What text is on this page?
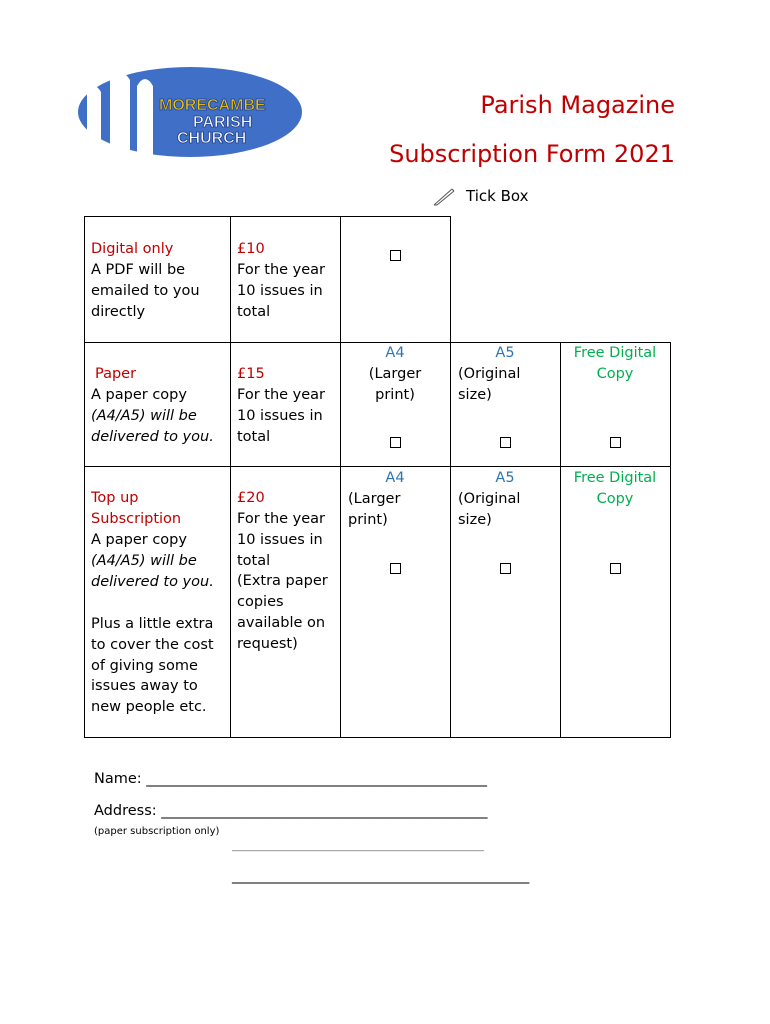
MORECAMBE
PARISH
CHURCH
Parish Magazine
Subscription Form 2021
Tick Box
Digital only
A PDF will be
emailed to you
directly
£10
For the year
10 issues in
total
Paper
A paper copy
(A4/A5) will be
delivered to you.
£15
For the year
10 issues in
total
A4
(Larger
print)
A5
(Original
size)
Free Digital
Copy
Top up
Subscription
A paper copy
(A4/A5) will be
delivered to you.
Plus a little extra
to cover the cost
of giving some
issues away to
new people etc.
£20
For the year
10 issues in
total
(Extra paper
copies
available on
request)
A4
(Larger
print)
A5
(Original
size)
Free Digital
Copy
Name: _______________________________________________
Address: _____________________________________________
(paper subscription only)
________________________________________________________
_________________________________________
